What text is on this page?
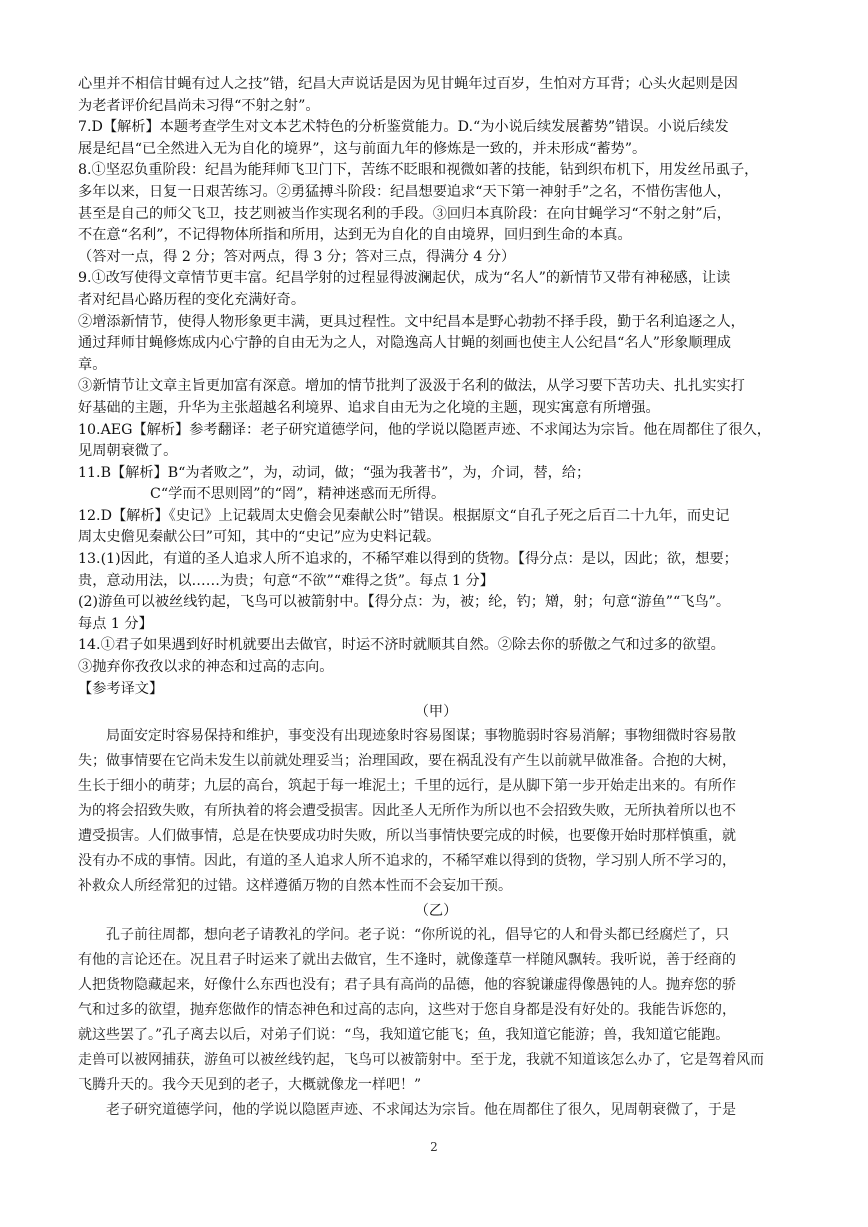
心里并不相信甘蝇有过人之技”错，纪昌大声说话是因为见甘蝇年过百岁，生怕对方耳背；心头火起则是因
为老者评价纪昌尚未习得“不射之射”。
7.D【解析】本题考查学生对文本艺术特色的分析鉴赏能力。D.“为小说后续发展蓄势”错误。小说后续发
展是纪昌“已全然进入无为自化的境界”，这与前面九年的修炼是一致的，并未形成“蓄势”。
8.①坚忍负重阶段：纪昌为能拜师飞卫门下，苦练不眨眼和视微如著的技能，钻到织布机下，用发丝吊虱子，
多年以来，日复一日艰苦练习。②勇猛搏斗阶段：纪昌想要追求“天下第一神射手”之名，不惜伤害他人，
甚至是自己的师父飞卫，技艺则被当作实现名利的手段。③回归本真阶段：在向甘蝇学习“不射之射”后，
不在意“名利”，不记得物体所指和所用，达到无为自化的自由境界，回归到生命的本真。
（答对一点，得 2 分；答对两点，得 3 分；答对三点，得满分 4 分）
9.①改写使得文章情节更丰富。纪昌学射的过程显得波澜起伏，成为“名人”的新情节又带有神秘感，让读
者对纪昌心路历程的变化充满好奇。
②增添新情节，使得人物形象更丰满，更具过程性。文中纪昌本是野心勃勃不择手段，勤于名利追逐之人，
通过拜师甘蝇修炼成内心宁静的自由无为之人，对隐逸高人甘蝇的刻画也使主人公纪昌“名人”形象顺理成
章。
③新情节让文章主旨更加富有深意。增加的情节批判了汲汲于名利的做法，从学习要下苦功夫、扎扎实实打
好基础的主题，升华为主张超越名利境界、追求自由无为之化境的主题，现实寓意有所增强。
10.AEG【解析】参考翻译：老子研究道德学问，他的学说以隐匿声迹、不求闻达为宗旨。他在周都住了很久，
见周朝衰微了。
11.B【解析】B“为者败之”，为，动词，做；“强为我著书”，为，介词，替，给；
C“学而不思则罔”的“罔”，精神迷惑而无所得。
12.D【解析】《史记》上记载周太史儋会见秦献公时”错误。根据原文“自孔子死之后百二十九年，而史记
周太史儋见秦献公曰”可知，其中的“史记”应为史料记载。
13.(1)因此，有道的圣人追求人所不追求的，不稀罕难以得到的货物。【得分点：是以，因此；欲，想要；
贵，意动用法，以……为贵；句意“不欲”“难得之货”。每点 1 分】
(2)游鱼可以被丝线钓起，飞鸟可以被箭射中。【得分点：为，被；纶，钓；矰，射；句意“游鱼”“飞鸟”。
每点 1 分】
14.①君子如果遇到好时机就要出去做官，时运不济时就顺其自然。②除去你的骄傲之气和过多的欲望。
③抛弃你孜孜以求的神态和过高的志向。
【参考译文】
（甲）
局面安定时容易保持和维护，事变没有出现迹象时容易图谋；事物脆弱时容易消解；事物细微时容易散
失；做事情要在它尚未发生以前就处理妥当；治理国政，要在祸乱没有产生以前就早做准备。合抱的大树，
生长于细小的萌芽；九层的高台，筑起于每一堆泥土；千里的远行，是从脚下第一步开始走出来的。有所作
为的将会招致失败，有所执着的将会遭受损害。因此圣人无所作为所以也不会招致失败，无所执着所以也不
遭受损害。人们做事情，总是在快要成功时失败，所以当事情快要完成的时候，也要像开始时那样慎重，就
没有办不成的事情。因此，有道的圣人追求人所不追求的，不稀罕难以得到的货物，学习别人所不学习的，
补救众人所经常犯的过错。这样遵循万物的自然本性而不会妄加干预。
（乙）
孔子前往周都，想向老子请教礼的学问。老子说：“你所说的礼，倡导它的人和骨头都已经腐烂了，只
有他的言论还在。况且君子时运来了就出去做官，生不逢时，就像蓬草一样随风飘转。我听说，善于经商的
人把货物隐藏起来，好像什么东西也没有；君子具有高尚的品德，他的容貌谦虚得像愚钝的人。抛弃您的骄
气和过多的欲望，抛弃您做作的情态神色和过高的志向，这些对于您自身都是没有好处的。我能告诉您的，
就这些罢了。”孔子离去以后，对弟子们说：“鸟，我知道它能飞；鱼，我知道它能游；兽，我知道它能跑。
走兽可以被网捕获，游鱼可以被丝线钓起，飞鸟可以被箭射中。至于龙，我就不知道该怎么办了，它是驾着风而
飞腾升天的。我今天见到的老子，大概就像龙一样吧！”
老子研究道德学问，他的学说以隐匿声迹、不求闻达为宗旨。他在周都住了很久，见周朝衰微了，于是
2
